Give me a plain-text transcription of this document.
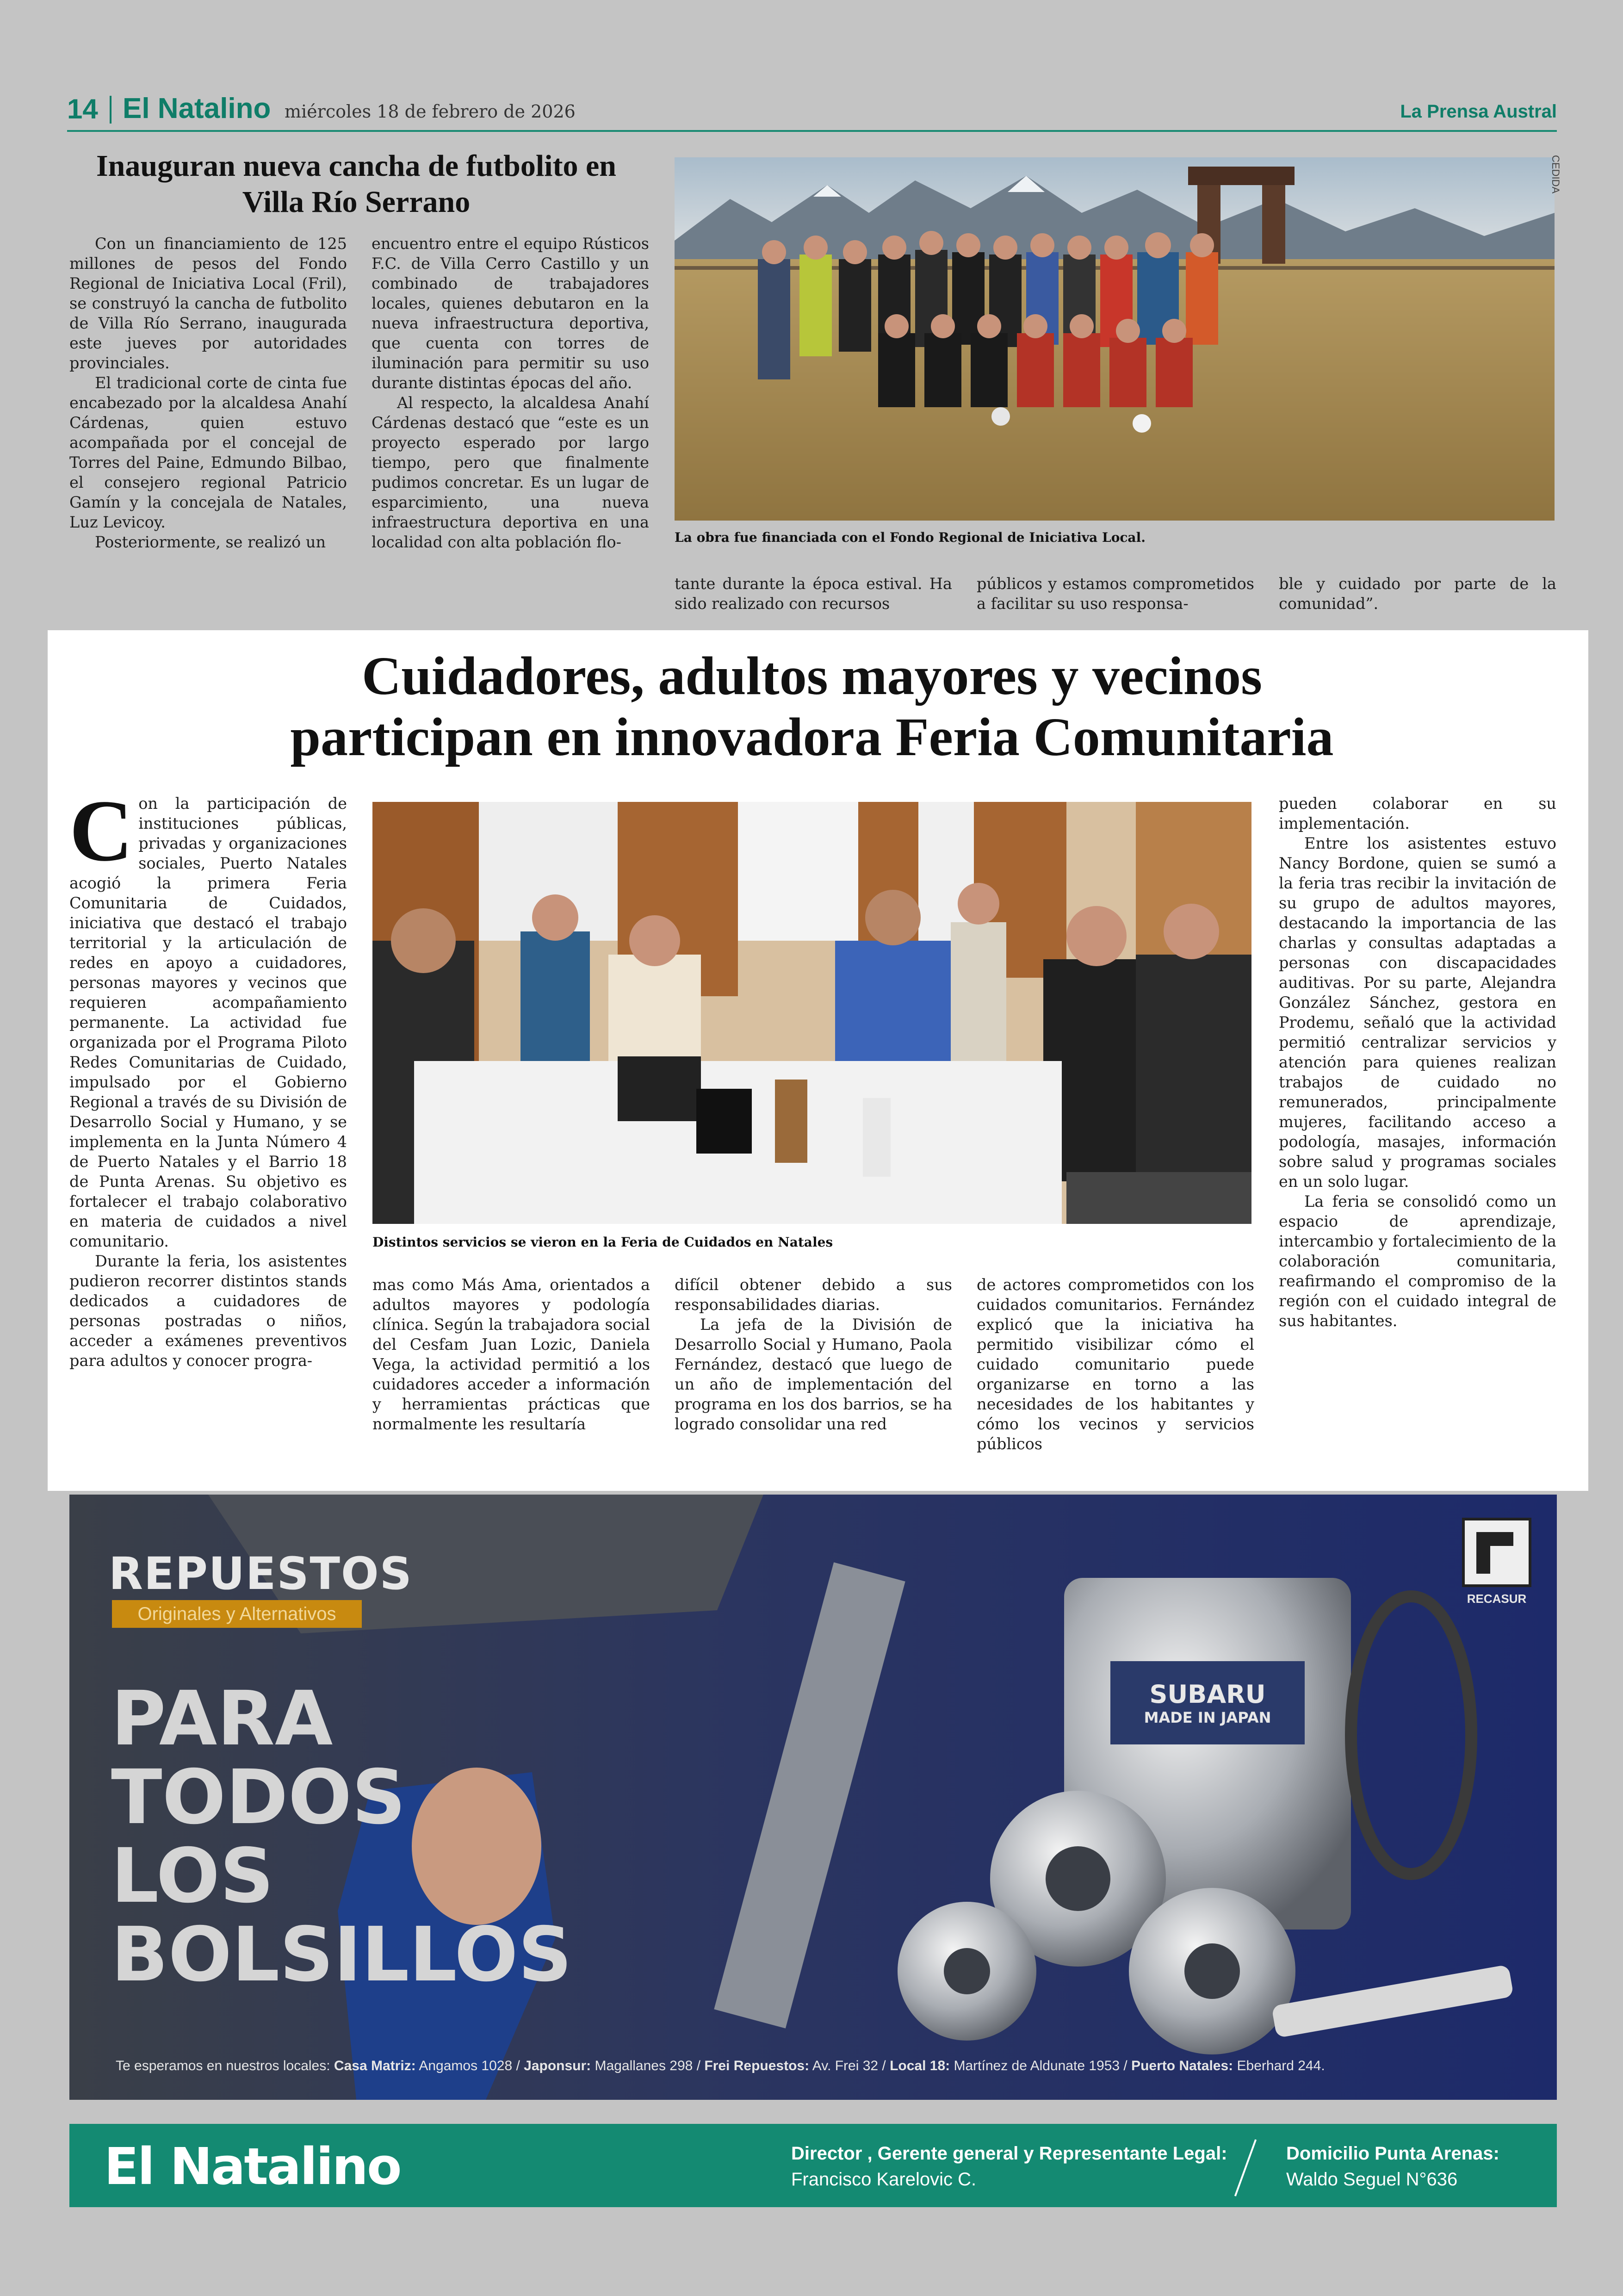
14 El Natalino miércoles 18 de febrero de 2026	La Prensa Austral
Inauguran nueva cancha de futbolito en Villa Río Serrano

Con un financiamiento de 125 millones de pesos del Fondo Regional de Iniciativa Local (Fril), se construyó la cancha de futbolito de Villa Río Serrano, inaugurada este jueves por autoridades provinciales.

El tradicional corte de cinta fue encabezado por la alcaldesa Anahí Cárdenas, quien estuvo acompañada por el concejal de Torres del Paine, Edmundo Bilbao, el consejero regional Patricio Gamín y la concejala de Natales, Luz Levicoy.

Posteriormente, se realizó un

encuentro entre el equipo Rústicos F.C. de Villa Cerro Castillo y un combinado de trabajadores locales, quienes debutaron en la nueva infraestructura deportiva, que cuenta con torres de iluminación para permitir su uso durante distintas épocas del año.

Al respecto, la alcaldesa Anahí Cárdenas destacó que “este es un proyecto esperado por largo tiempo, pero que finalmente pudimos concretar. Es un lugar de esparcimiento, una nueva infraestructura deportiva en una localidad con alta población flo-

CEDIDA
La obra fue financiada con el Fondo Regional de Iniciativa Local.

tante durante la época estival. Ha sido realizado con recursos

públicos y estamos comprometidos a facilitar su uso responsa-

ble y cuidado por parte de la comunidad”.

Cuidadores, adultos mayores y vecinos
participan en innovadora Feria Comunitaria

Con la participación de instituciones públicas, privadas y organizaciones sociales, Puerto Natales acogió la primera Feria Comunitaria de Cuidados, iniciativa que destacó el trabajo territorial y la articulación de redes en apoyo a cuidadores, personas mayores y vecinos que requieren acompañamiento permanente. La actividad fue organizada por el Programa Piloto Redes Comunitarias de Cuidado, impulsado por el Gobierno Regional a través de su División de Desarrollo Social y Humano, y se implementa en la Junta Número 4 de Puerto Natales y el Barrio 18 de Punta Arenas. Su objetivo es fortalecer el trabajo colaborativo en materia de cuidados a nivel comunitario.

Durante la feria, los asistentes pudieron recorrer distintos stands dedicados a cuidadores de personas postradas o niños, acceder a exámenes preventivos para adultos y conocer progra-

Distintos servicios se vieron en la Feria de Cuidados en Natales

mas como Más Ama, orientados a adultos mayores y podología clínica. Según la trabajadora social del Cesfam Juan Lozic, Daniela Vega, la actividad permitió a los cuidadores acceder a información y herramientas prácticas que normalmente les resultaría

difícil obtener debido a sus responsabilidades diarias.

La jefa de la División de Desarrollo Social y Humano, Paola Fernández, destacó que luego de un año de implementación del programa en los dos barrios, se ha logrado consolidar una red

de actores comprometidos con los cuidados comunitarios. Fernández explicó que la iniciativa ha permitido visibilizar cómo el cuidado comunitario puede organizarse en torno a las necesidades de los habitantes y cómo los vecinos y servicios públicos

pueden colaborar en su implementación.

Entre los asistentes estuvo Nancy Bordone, quien se sumó a la feria tras recibir la invitación de su grupo de adultos mayores, destacando la importancia de las charlas y consultas adaptadas a personas con discapacidades auditivas. Por su parte, Alejandra González Sánchez, gestora en Prodemu, señaló que la actividad permitió centralizar servicios y atención para quienes realizan trabajos de cuidado no remunerados, principalmente mujeres, facilitando acceso a podología, masajes, información sobre salud y programas sociales en un solo lugar.

La feria se consolidó como un espacio de aprendizaje, intercambio y fortalecimiento de la colaboración comunitaria, reafirmando el compromiso de la región con el cuidado integral de sus habitantes.

REPUESTOS
Originales y Alternativos
PARA
TODOS
LOS
BOLSILLOS
SUBARU
MADE IN JAPAN
RECASUR
Te esperamos en nuestros locales: Casa Matriz: Angamos 1028 / Japonsur: Magallanes 298 / Frei Repuestos: Av. Frei 32 / Local 18: Martínez de Aldunate 1953 / Puerto Natales: Eberhard 244.
El Natalino	Director , Gerente general y Representante Legal:
Francisco Karelovic C.
Domicilio Punta Arenas:
Waldo Seguel N°636
